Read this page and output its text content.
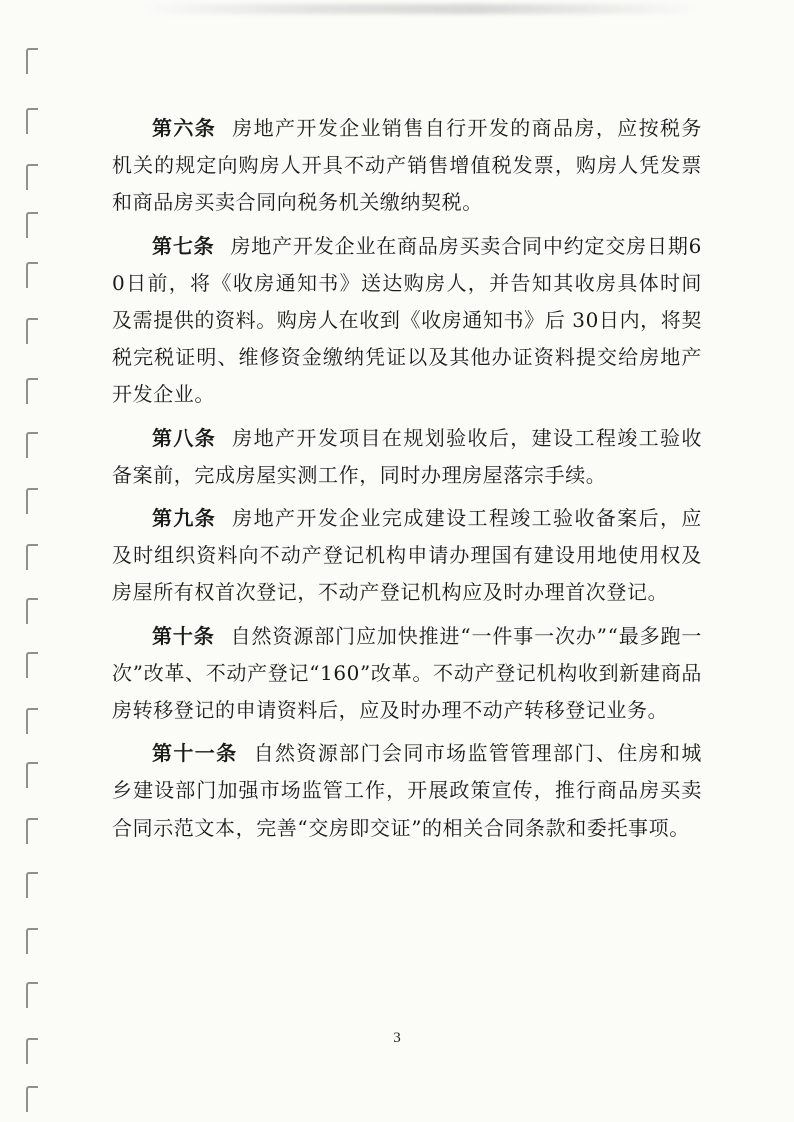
第六条 房地产开发企业销售自行开发的商品房，应按税务机关的规定向购房人开具不动产销售增值税发票，购房人凭发票和商品房买卖合同向税务机关缴纳契税。

第七条 房地产开发企业在商品房买卖合同中约定交房日期60日前，将《收房通知书》送达购房人，并告知其收房具体时间及需提供的资料。购房人在收到《收房通知书》后 30日内，将契税完税证明、维修资金缴纳凭证以及其他办证资料提交给房地产开发企业。

第八条 房地产开发项目在规划验收后，建设工程竣工验收备案前，完成房屋实测工作，同时办理房屋落宗手续。

第九条 房地产开发企业完成建设工程竣工验收备案后，应及时组织资料向不动产登记机构申请办理国有建设用地使用权及房屋所有权首次登记，不动产登记机构应及时办理首次登记。

第十条 自然资源部门应加快推进“一件事一次办”“最多跑一次”改革、不动产登记“160”改革。不动产登记机构收到新建商品房转移登记的申请资料后，应及时办理不动产转移登记业务。

第十一条 自然资源部门会同市场监管管理部门、住房和城乡建设部门加强市场监管工作，开展政策宣传，推行商品房买卖合同示范文本，完善“交房即交证”的相关合同条款和委托事项。

3
